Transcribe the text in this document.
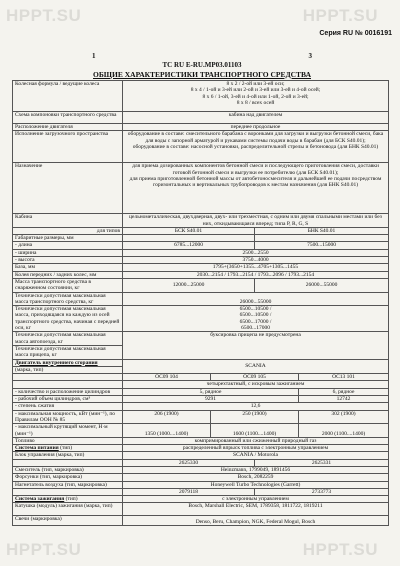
HPPT.SU	HPPT.SU
HPPT.SU	HPPT.SU
Серия RU № 0016191
1	3
ТС RU E-RU.MP03.01103
ОБЩИЕ ХАРАКТЕРИСТИКИ ТРАНСПОРТНОГО СРЕДСТВА
Колесная формула / ведущие колеса	8 х 2 / 2-ой или 3-ей оси;
8 х 4 / 1-ой и 3-ей или 2-ой и 3-ей или 3-ей и 4-ой осей;
8 х 6 / 1-ой, 3-ей и 4-ой или 1-ой, 2-ой и 3-ей;
8 х 8 / всех осей			
Схема компоновки транспортного средства	кабина над двигателем			
Расположение двигателя	переднее продольное			
Исполнение загрузочного пространства	оборудование в составе: смесительного барабана с воронками для загрузки и выгрузки бетонной смеси, бака для воды с запорной арматурой и рукавами системы подачи воды в барабан (для БСК S40.01);
оборудование в составе: насосной установки, распределительной стрелы и бетоновода (для БНК S40.01)			
Назначение	для приема дозированных компонентов бетонной смеси и последующего приготовления смеси, доставки готовой бетонной смеси и выгрузки ее потребителю (для БСК S40.01);
для приема приготовленной бетонной массы от автобетоносмесителя и дальнейшей ее подачи посредством горизонтальных и вертикальных трубопроводов к местам назначения (для БНК S40.01)			
Кабина	цельнометаллическая, двухдверная, двух- или трехместная, с одним или двумя спальными местами или без них, откидывающаяся вперед; типа P, R, G, S			
для типов	БСК S40.01		БНК S40.01	
Габаритные размеры, мм				
- длина	6785...12000		7500...15000	
- ширина	2500...2550			
- высота	3750...4000			
База, мм	1795+(3650+1355...4705+1305...1455			
Колея передних / задних колес, мм	2030...2154 / 1793...2154 / 1793...2096 / 1793...2154			
Масса транспортного средства в снаряженном состоянии, кг	12000...25000		26000...55000	
Технически допустимая максимальная масса транспортного средства, кг	26000...55000			
Технически допустимая максимальная масса, приходящаяся на каждую из осей транспортного средства, начиная с передней оси, кг	6500...10500 /
6500...10500 /
6500...17000 /
6500...17000			
Технически допустимая максимальная масса автопоезда, кг	буксировка прицепа не предусмотрена			
Технически допустимая максимальная масса прицепа, кг				
Двигатель внутреннего сгорания	SCANIA			
(марка, тип)				
	OC09 104	OC09 105		OC13 101
	четырехтактный, с искровым зажиганием			
- количество и расположение цилиндров	5, рядное			6, рядное
- рабочий объем цилиндров, см³	9291			12742
- степень сжатия	12,6			
- максимальная мощность, кВт (мин⁻¹), по Правилам ООН № 85	206 (1900)	250 (1900)		302 (1900)
- максимальный крутящий момент, Н·м (мин⁻¹)	1350 (1000....1400)	1600 (1100....1400)		2000 (1100....1400)
Топливо	компримированный или сжиженный природный газ			
Система питания (тип)	распределенный впрыск топлива с электронным управлением			
Блок управления (марка, тип)	SCANIA / Motorola			
	2625330		2625331	
Смеситель (тип, маркировка)	Heinzmann, 1799049, 1891456			
Форсунки (тип, маркировка)	Bosch, 2082259			
Нагнетатель воздуха (тип, маркировка)	Honeywell Turbo Technologies (Garrett)			
	2079118		2733773	
Система зажигания (тип)	с электронным управлением			
Катушка (модуль) зажигания (марка, тип)	Bosch, Marshall Electric, SEM, 1789358, 1811722, 1819211			
Свечи (маркировка)	Denso, Beru, Champion, NGK, Federal Mogul, Bosch			
